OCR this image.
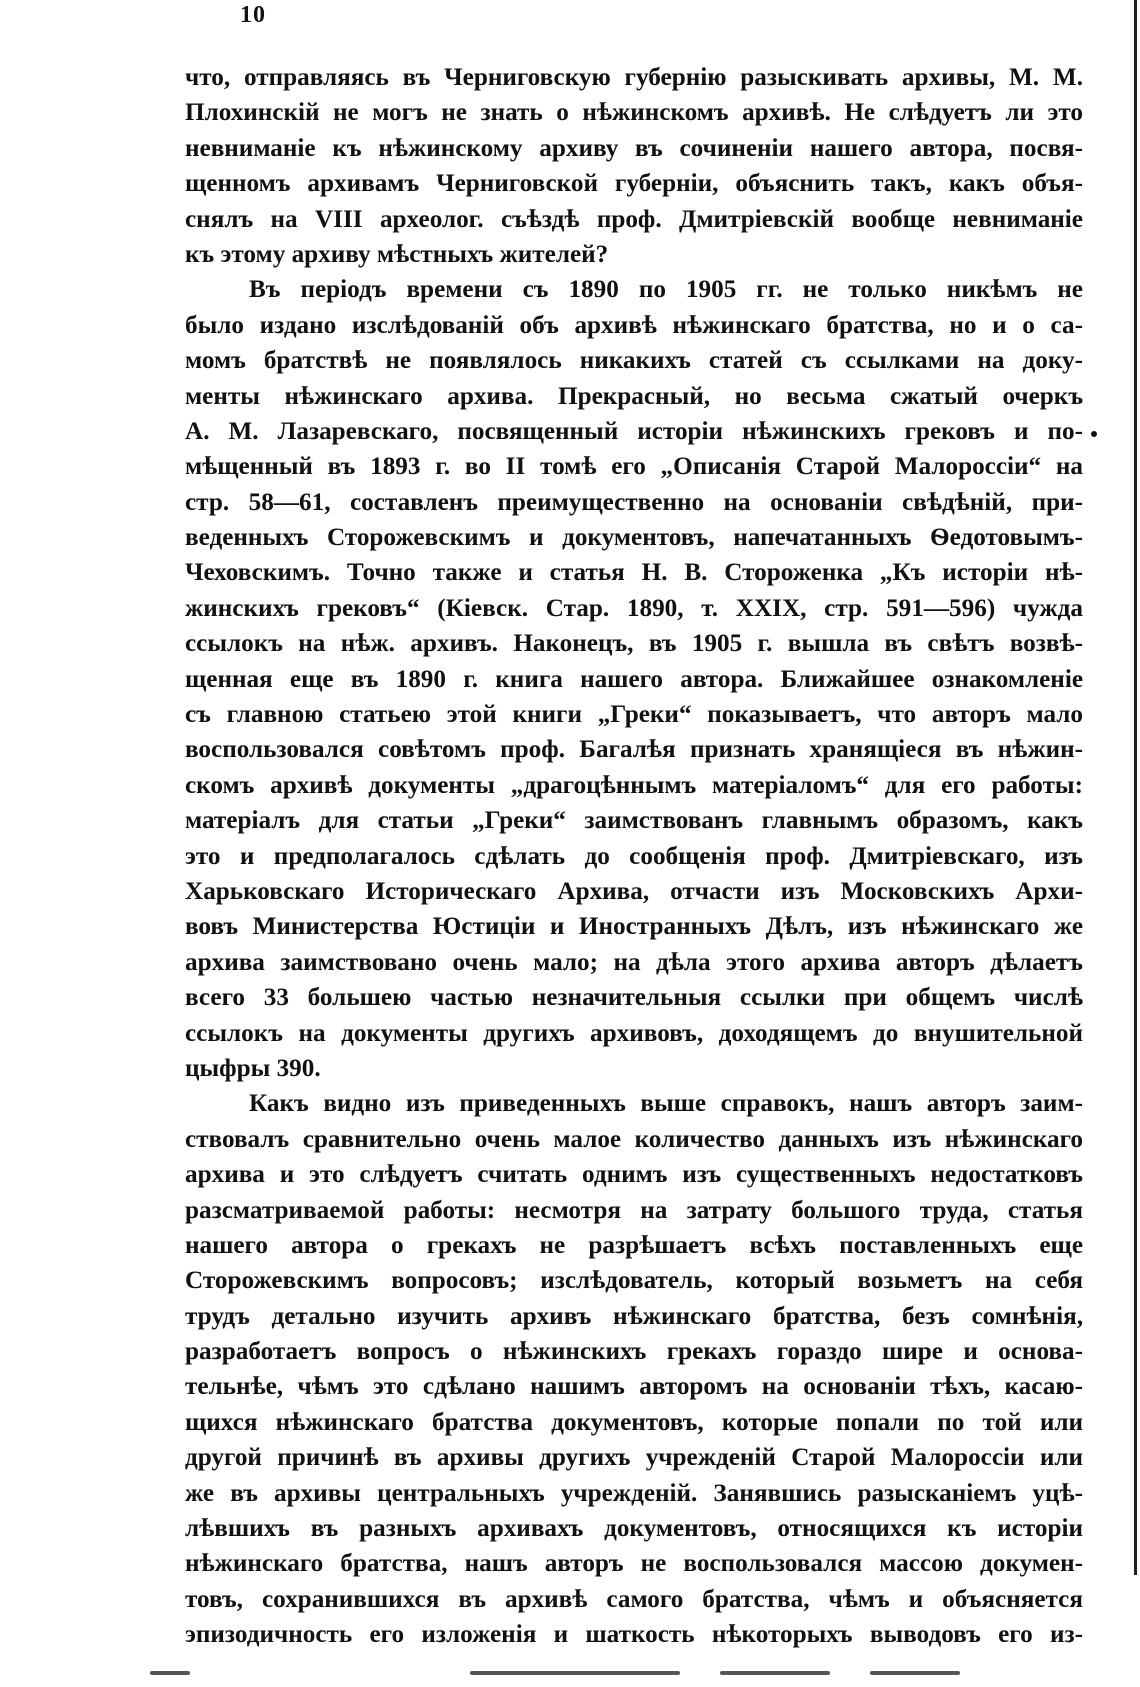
10
что, отправляясь въ Черниговскую губернію разыскивать архивы, М. М.
Плохинскій не могъ не знать о нѣжинскомъ архивѣ. Не слѣдуетъ ли это
невниманіе къ нѣжинскому архиву въ сочиненіи нашего автора, посвя-
щенномъ архивамъ Черниговской губерніи, объяснить такъ, какъ объя-
снялъ на VIII археолог. съѣздѣ проф. Дмитріевскій вообще невниманіе
къ этому архиву мѣстныхъ жителей?
Въ періодъ времени съ 1890 по 1905 гг. не только никѣмъ не
было издано изслѣдованій объ архивѣ нѣжинскаго братства, но и о са-
момъ братствѣ не появлялось никакихъ статей съ ссылками на доку-
менты нѣжинскаго архива. Прекрасный, но весьма сжатый очеркъ
А. М. Лазаревскаго, посвященный исторіи нѣжинскихъ грековъ и по-
мѣщенный въ 1893 г. во II томѣ его „Описанія Старой Малороссіи“ на
стр. 58—61, составленъ преимущественно на основаніи свѣдѣній, при-
веденныхъ Сторожевскимъ и документовъ, напечатанныхъ Ѳедотовымъ-
Чеховскимъ. Точно также и статья Н. В. Стороженка „Къ исторіи нѣ-
жинскихъ грековъ“ (Кіевск. Стар. 1890, т. XXIX, стр. 591—596) чужда
ссылокъ на нѣж. архивъ. Наконецъ, въ 1905 г. вышла въ свѣтъ возвѣ-
щенная еще въ 1890 г. книга нашего автора. Ближайшее ознакомленіе
съ главною статьею этой книги „Греки“ показываетъ, что авторъ мало
воспользовался совѣтомъ проф. Багалѣя признать хранящіеся въ нѣжин-
скомъ архивѣ документы „драгоцѣннымъ матеріаломъ“ для его работы:
матеріалъ для статьи „Греки“ заимствованъ главнымъ образомъ, какъ
это и предполагалось сдѣлать до сообщенія проф. Дмитріевскаго, изъ
Харьковскаго Историческаго Архива, отчасти изъ Московскихъ Архи-
вовъ Министерства Юстиціи и Иностранныхъ Дѣлъ, изъ нѣжинскаго же
архива заимствовано очень мало; на дѣла этого архива авторъ дѣлаетъ
всего 33 большею частью незначительныя ссылки при общемъ числѣ
ссылокъ на документы другихъ архивовъ, доходящемъ до внушительной
цыфры 390.
Какъ видно изъ приведенныхъ выше справокъ, нашъ авторъ заим-
ствовалъ сравнительно очень малое количество данныхъ изъ нѣжинскаго
архива и это слѣдуетъ считать однимъ изъ существенныхъ недостатковъ
разсматриваемой работы: несмотря на затрату большого труда, статья
нашего автора о грекахъ не разрѣшаетъ всѣхъ поставленныхъ еще
Сторожевскимъ вопросовъ; изслѣдователь, который возьметъ на себя
трудъ детально изучить архивъ нѣжинскаго братства, безъ сомнѣнія,
разработаетъ вопросъ о нѣжинскихъ грекахъ гораздо шире и основа-
тельнѣе, чѣмъ это сдѣлано нашимъ авторомъ на основаніи тѣхъ, касаю-
щихся нѣжинскаго братства документовъ, которые попали по той или
другой причинѣ въ архивы другихъ учрежденій Старой Малороссіи или
же въ архивы центральныхъ учрежденій. Занявшись разысканіемъ уцѣ-
лѣвшихъ въ разныхъ архивахъ документовъ, относящихся къ исторіи
нѣжинскаго братства, нашъ авторъ не воспользовался массою докумен-
товъ, сохранившихся въ архивѣ самого братства, чѣмъ и объясняется
эпизодичность его изложенія и шаткость нѣкоторыхъ выводовъ его из-
